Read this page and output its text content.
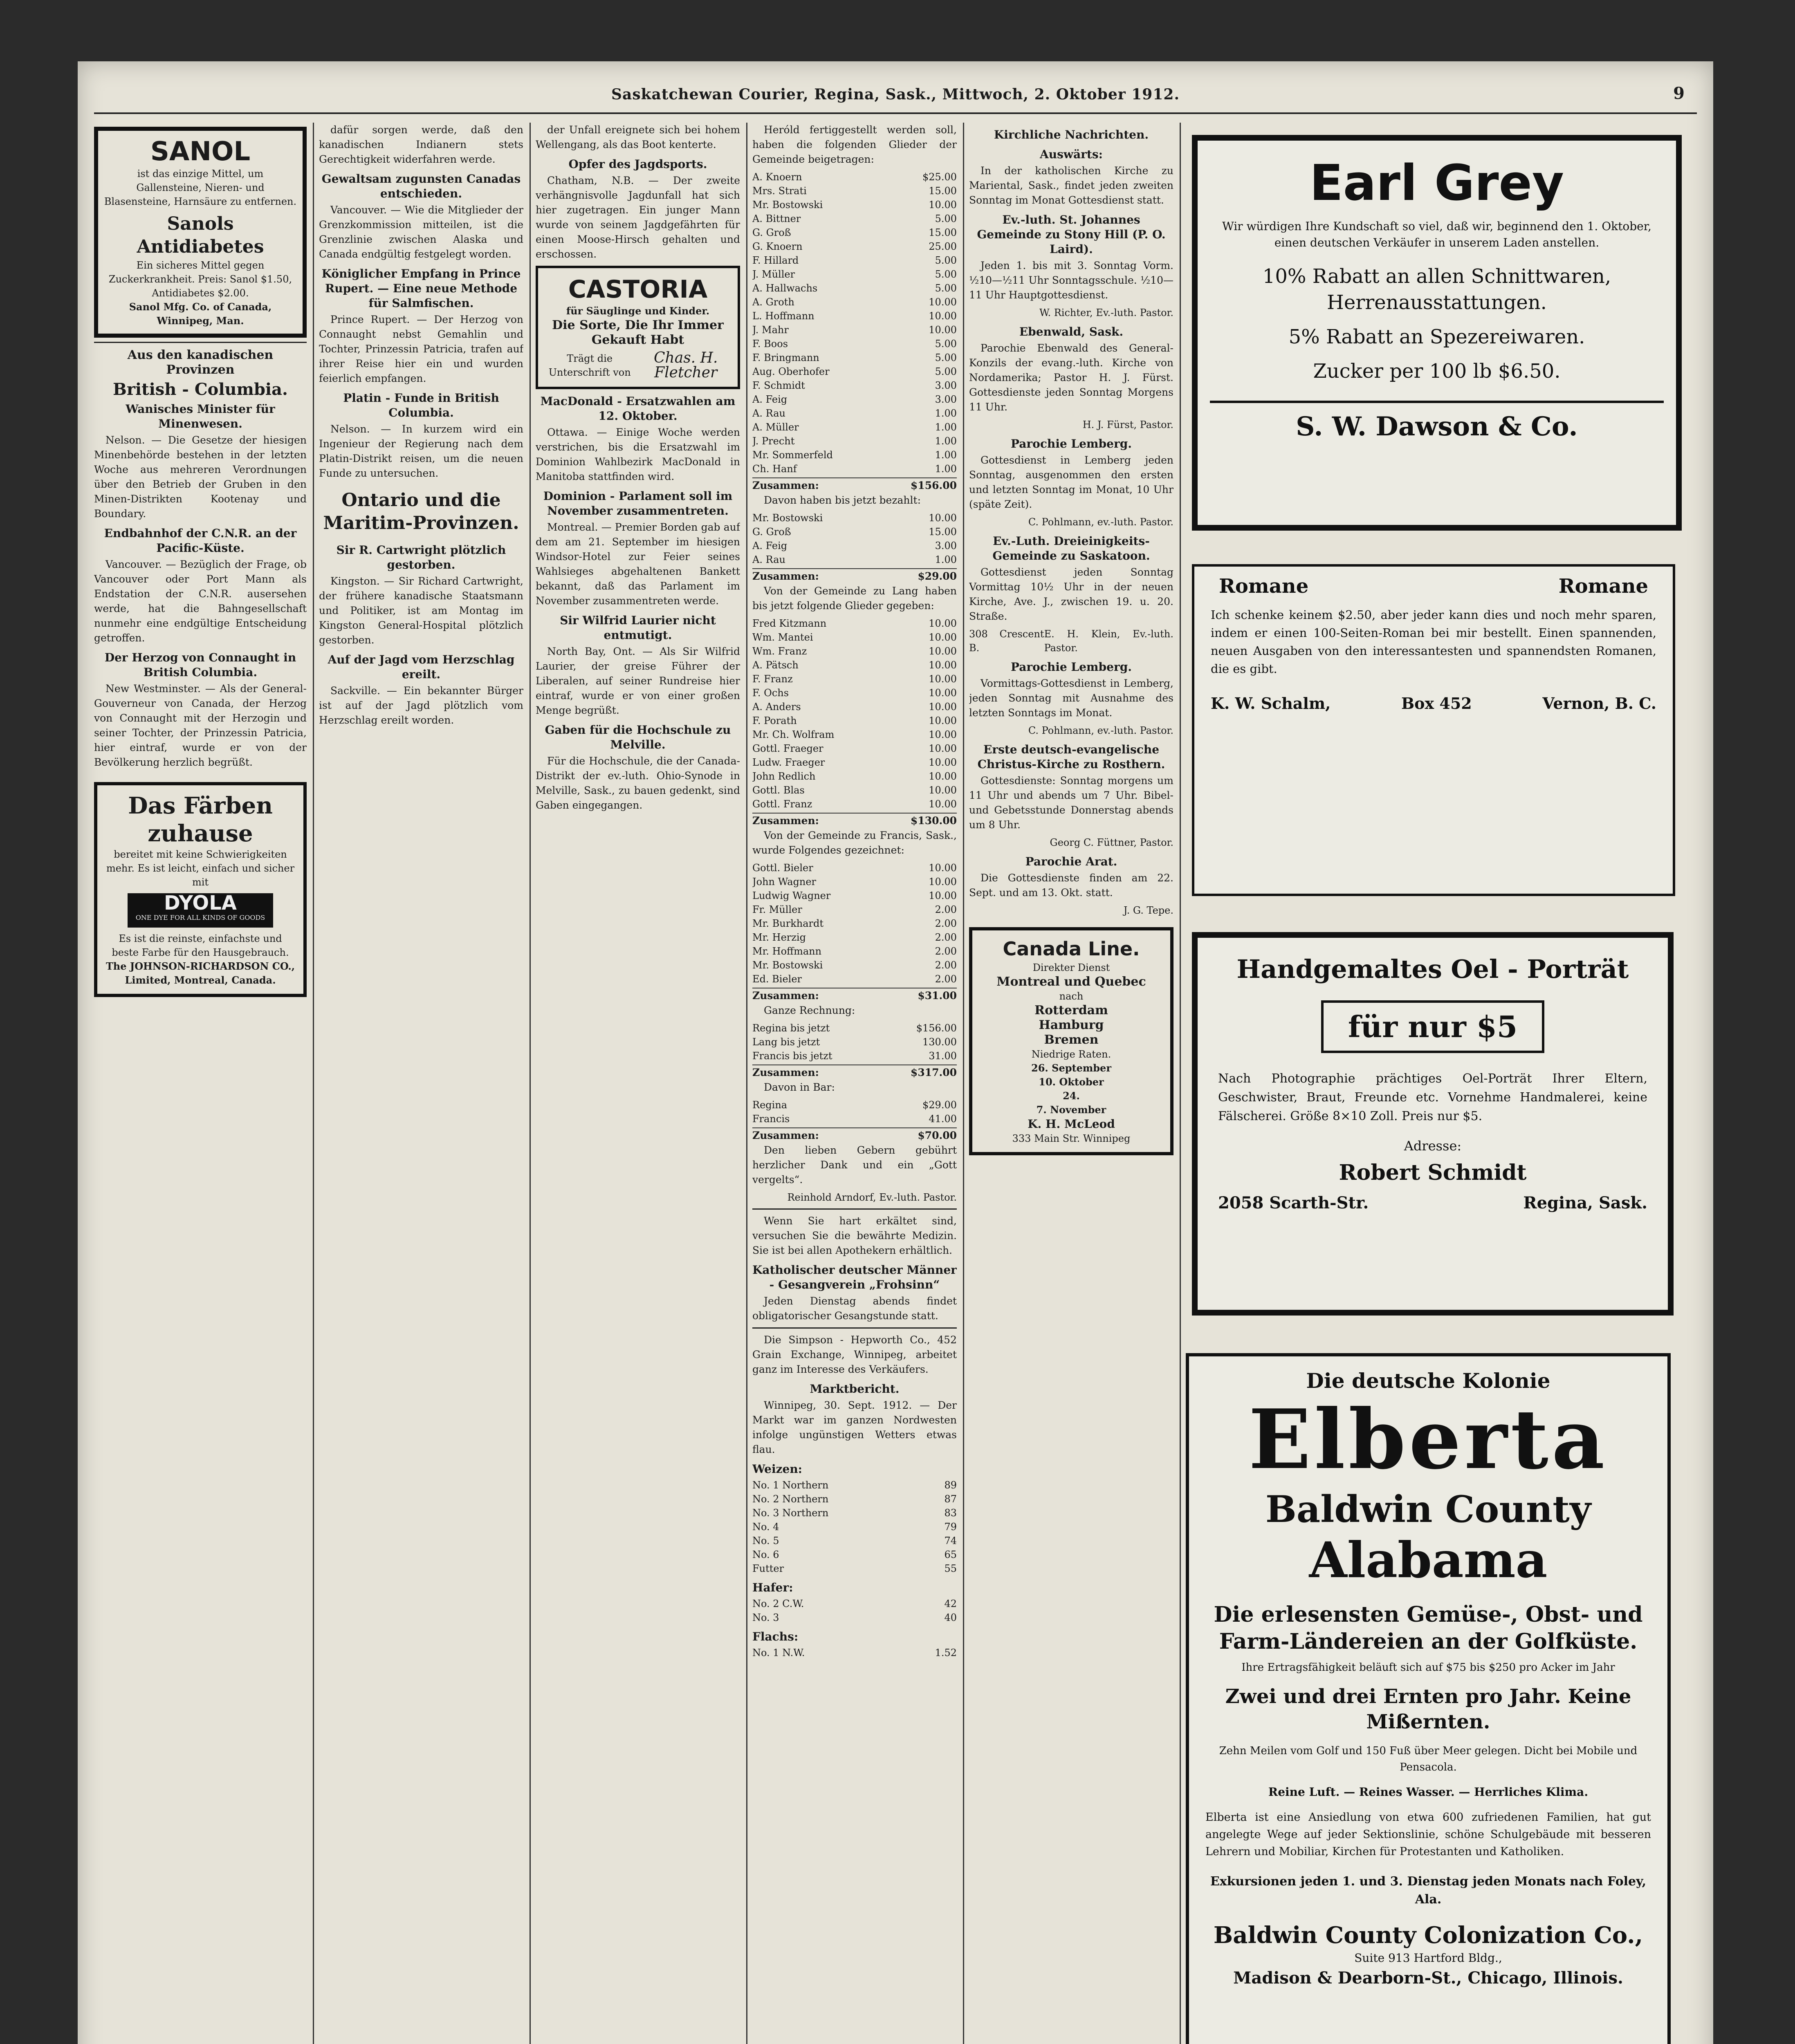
Saskatchewan Courier, Regina, Sask., Mittwoch, 2. Oktober 1912.	9
SANOL
ist das einzige Mittel, um Gallensteine, Nieren- und Blasensteine, Harnsäure zu entfernen.
Sanols Antidiabetes
Ein sicheres Mittel gegen Zuckerkrankheit. Preis: Sanol $1.50, Antidiabetes $2.00.
Sanol Mfg. Co. of Canada, Winnipeg, Man.
Aus den kanadischen Provinzen
British - Columbia.
Wanisches Minister für Minenwesen.

Nelson. — Die Gesetze der hiesigen Minenbehörde bestehen in der letzten Woche aus mehreren Verordnungen über den Betrieb der Gruben in den Minen-Distrikten Kootenay und Boundary.

Endbahnhof der C.N.R. an der Pacific-Küste.

Vancouver. — Bezüglich der Frage, ob Vancouver oder Port Mann als Endstation der C.N.R. ausersehen werde, hat die Bahngesellschaft nunmehr eine endgültige Entscheidung getroffen.

Der Herzog von Connaught in British Columbia.

New Westminster. — Als der General-Gouverneur von Canada, der Herzog von Connaught mit der Herzogin und seiner Tochter, der Prinzessin Patricia, hier eintraf, wurde er von der Bevölkerung herzlich begrüßt.

Das Färben zuhause
bereitet mit keine Schwierigkeiten mehr. Es ist leicht, einfach und sicher mit
DYOLA
ONE DYE FOR ALL KINDS OF GOODS
Es ist die reinste, einfachste und beste Farbe für den Hausgebrauch.
The JOHNSON-RICHARDSON CO., Limited, Montreal, Canada.

dafür sorgen werde, daß den kanadischen Indianern stets Gerechtigkeit widerfahren werde.

Gewaltsam zugunsten Canadas entschieden.

Vancouver. — Wie die Mitglieder der Grenzkommission mitteilen, ist die Grenzlinie zwischen Alaska und Canada endgültig festgelegt worden.

Königlicher Empfang in Prince Rupert. — Eine neue Methode für Salmfischen.

Prince Rupert. — Der Herzog von Connaught nebst Gemahlin und Tochter, Prinzessin Patricia, trafen auf ihrer Reise hier ein und wurden feierlich empfangen.

Platin - Funde in British Columbia.

Nelson. — In kurzem wird ein Ingenieur der Regierung nach dem Platin-Distrikt reisen, um die neuen Funde zu untersuchen.

Ontario und die Maritim-Provinzen.
Sir R. Cartwright plötzlich gestorben.

Kingston. — Sir Richard Cartwright, der frühere kanadische Staatsmann und Politiker, ist am Montag im Kingston General-Hospital plötzlich gestorben.

Auf der Jagd vom Herzschlag ereilt.

Sackville. — Ein bekannter Bürger ist auf der Jagd plötzlich vom Herzschlag ereilt worden.

der Unfall ereignete sich bei hohem Wellengang, als das Boot kenterte.

Opfer des Jagdsports.

Chatham, N.B. — Der zweite verhängnisvolle Jagdunfall hat sich hier zugetragen. Ein junger Mann wurde von seinem Jagdgefährten für einen Moose-Hirsch gehalten und erschossen.

CASTORIA
für Säuglinge und Kinder.
Die Sorte, Die Ihr Immer Gekauft Habt
Trägt die Unterschrift von
Chas. H. Fletcher
MacDonald - Ersatzwahlen am 12. Oktober.

Ottawa. — Einige Woche werden verstrichen, bis die Ersatzwahl im Dominion Wahlbezirk MacDonald in Manitoba stattfinden wird.

Dominion - Parlament soll im November zusammentreten.

Montreal. — Premier Borden gab auf dem am 21. September im hiesigen Windsor-Hotel zur Feier seines Wahlsieges abgehaltenen Bankett bekannt, daß das Parlament im November zusammentreten werde.

Sir Wilfrid Laurier nicht entmutigt.

North Bay, Ont. — Als Sir Wilfrid Laurier, der greise Führer der Liberalen, auf seiner Rundreise hier eintraf, wurde er von einer großen Menge begrüßt.

Gaben für die Hochschule zu Melville.

Für die Hochschule, die der Canada-Distrikt der ev.-luth. Ohio-Synode in Melville, Sask., zu bauen gedenkt, sind Gaben eingegangen.

Heróld fertiggestellt werden soll, haben die folgenden Glieder der Gemeinde beigetragen:

A. Knoern	$25.00
Mrs. Strati	15.00
Mr. Bostowski	10.00
A. Bittner	5.00
G. Groß	15.00
G. Knoern	25.00
F. Hillard	5.00
J. Müller	5.00
A. Hallwachs	5.00
A. Groth	10.00
L. Hoffmann	10.00
J. Mahr	10.00
F. Boos	5.00
F. Bringmann	5.00
Aug. Oberhofer	5.00
F. Schmidt	3.00
A. Feig	3.00
A. Rau	1.00
A. Müller	1.00
J. Precht	1.00
Mr. Sommerfeld	1.00
Ch. Hanf	1.00
Zusammen:	$156.00

Davon haben bis jetzt bezahlt:

Mr. Bostowski	10.00
G. Groß	15.00
A. Feig	3.00
A. Rau	1.00
Zusammen:	$29.00

Von der Gemeinde zu Lang haben bis jetzt folgende Glieder gegeben:

Fred Kitzmann	10.00
Wm. Mantei	10.00
Wm. Franz	10.00
A. Pätsch	10.00
F. Franz	10.00
F. Ochs	10.00
A. Anders	10.00
F. Porath	10.00
Mr. Ch. Wolfram	10.00
Gottl. Fraeger	10.00
Ludw. Fraeger	10.00
John Redlich	10.00
Gottl. Blas	10.00
Gottl. Franz	10.00
Zusammen:	$130.00

Von der Gemeinde zu Francis, Sask., wurde Folgendes gezeichnet:

Gottl. Bieler	10.00
John Wagner	10.00
Ludwig Wagner	10.00
Fr. Müller	2.00
Mr. Burkhardt	2.00
Mr. Herzig	2.00
Mr. Hoffmann	2.00
Mr. Bostowski	2.00
Ed. Bieler	2.00
Zusammen:	$31.00

Ganze Rechnung:

Regina bis jetzt	$156.00
Lang bis jetzt	130.00
Francis bis jetzt	31.00
Zusammen:	$317.00

Davon in Bar:

Regina	$29.00
Francis	41.00
Zusammen:	$70.00

Den lieben Gebern gebührt herzlicher Dank und ein „Gott vergelts“.

Reinhold Arndorf, Ev.-luth. Pastor.

Wenn Sie hart erkältet sind, versuchen Sie die bewährte Medizin. Sie ist bei allen Apothekern erhältlich.

Katholischer deutscher Männer - Gesangverein „Frohsinn“

Jeden Dienstag abends findet obligatorischer Gesangstunde statt.

Die Simpson - Hepworth Co., 452 Grain Exchange, Winnipeg, arbeitet ganz im Interesse des Verkäufers.

Marktbericht.

Winnipeg, 30. Sept. 1912. — Der Markt war im ganzen Nordwesten infolge ungünstigen Wetters etwas flau.

Weizen:
No. 1 Northern	89
No. 2 Northern	87
No. 3 Northern	83
No. 4	79
No. 5	74
No. 6	65
Futter	55
Hafer:
No. 2 C.W.	42
No. 3	40
Flachs:
No. 1 N.W.	1.52
Kirchliche Nachrichten.
Auswärts:

In der katholischen Kirche zu Mariental, Sask., findet jeden zweiten Sonntag im Monat Gottesdienst statt.

Ev.-luth. St. Johannes Gemeinde zu Stony Hill (P. O. Laird).

Jeden 1. bis mit 3. Sonntag Vorm. ½10—½11 Uhr Sonntagsschule. ½10—11 Uhr Hauptgottesdienst.

W. Richter, Ev.-luth. Pastor.
Ebenwald, Sask.

Parochie Ebenwald des General-Konzils der evang.-luth. Kirche von Nordamerika; Pastor H. J. Fürst. Gottesdienste jeden Sonntag Morgens 11 Uhr.

H. J. Fürst, Pastor.
Parochie Lemberg.

Gottesdienst in Lemberg jeden Sonntag, ausgenommen den ersten und letzten Sonntag im Monat, 10 Uhr (späte Zeit).

C. Pohlmann, ev.-luth. Pastor.
Ev.-Luth. Dreieinigkeits-Gemeinde zu Saskatoon.

Gottesdienst jeden Sonntag Vormittag 10½ Uhr in der neuen Kirche, Ave. J., zwischen 19. u. 20. Straße.

308 Crescent B.
E. H. Klein, Ev.-luth. Pastor.
Parochie Lemberg.

Vormittags-Gottesdienst in Lemberg, jeden Sonntag mit Ausnahme des letzten Sonntags im Monat.

C. Pohlmann, ev.-luth. Pastor.
Erste deutsch-evangelische Christus-Kirche zu Rosthern.

Gottesdienste: Sonntag morgens um 11 Uhr und abends um 7 Uhr. Bibel- und Gebetsstunde Donnerstag abends um 8 Uhr.

Georg C. Füttner, Pastor.
Parochie Arat.

Die Gottesdienste finden am 22. Sept. und am 13. Okt. statt.

J. G. Tepe.
Canada Line.
Direkter Dienst
Montreal und Quebec
nach
Rotterdam
Hamburg
Bremen
Niedrige Raten.
26. September
10. Oktober
24.
7. November
K. H. McLeod
333 Main Str. Winnipeg
Earl Grey
Wir würdigen Ihre Kundschaft so viel, daß wir, beginnend den 1. Oktober, einen deutschen Verkäufer in unserem Laden anstellen.
10% Rabatt an allen Schnittwaren, Herrenausstattungen.
5% Rabatt an Spezereiwaren.
Zucker per 100 lb $6.50.
S. W. Dawson & Co.
Romane	Romane
Ich schenke keinem $2.50, aber jeder kann dies und noch mehr sparen, indem er einen 100-Seiten-Roman bei mir bestellt. Einen spannenden, neuen Ausgaben von den interessantesten und spannendsten Romanen, die es gibt.
K. W. Schalm,	Box 452	Vernon, B. C.
Handgemaltes Oel - Porträt
für nur $5
Nach Photographie prächtiges Oel-Porträt Ihrer Eltern, Geschwister, Braut, Freunde etc. Vornehme Handmalerei, keine Fälscherei. Größe 8×10 Zoll. Preis nur $5.
Adresse:
Robert Schmidt
2058 Scarth-Str.	Regina, Sask.
Die deutsche Kolonie
Elberta
Baldwin County
Alabama
Die erlesensten Gemüse-, Obst- und Farm-Ländereien an der Golfküste.
Ihre Ertragsfähigkeit beläuft sich auf $75 bis $250 pro Acker im Jahr
Zwei und drei Ernten pro Jahr. Keine Mißernten.
Zehn Meilen vom Golf und 150 Fuß über Meer gelegen. Dicht bei Mobile und Pensacola.
Reine Luft. — Reines Wasser. — Herrliches Klima.
Elberta ist eine Ansiedlung von etwa 600 zufriedenen Familien, hat gut angelegte Wege auf jeder Sektionslinie, schöne Schulgebäude mit besseren Lehrern und Mobiliar, Kirchen für Protestanten und Katholiken.
Exkursionen jeden 1. und 3. Dienstag jeden Monats nach Foley, Ala.
Baldwin County Colonization Co.,
Suite 913 Hartford Bldg.,
Madison & Dearborn-St., Chicago, Illinois.
